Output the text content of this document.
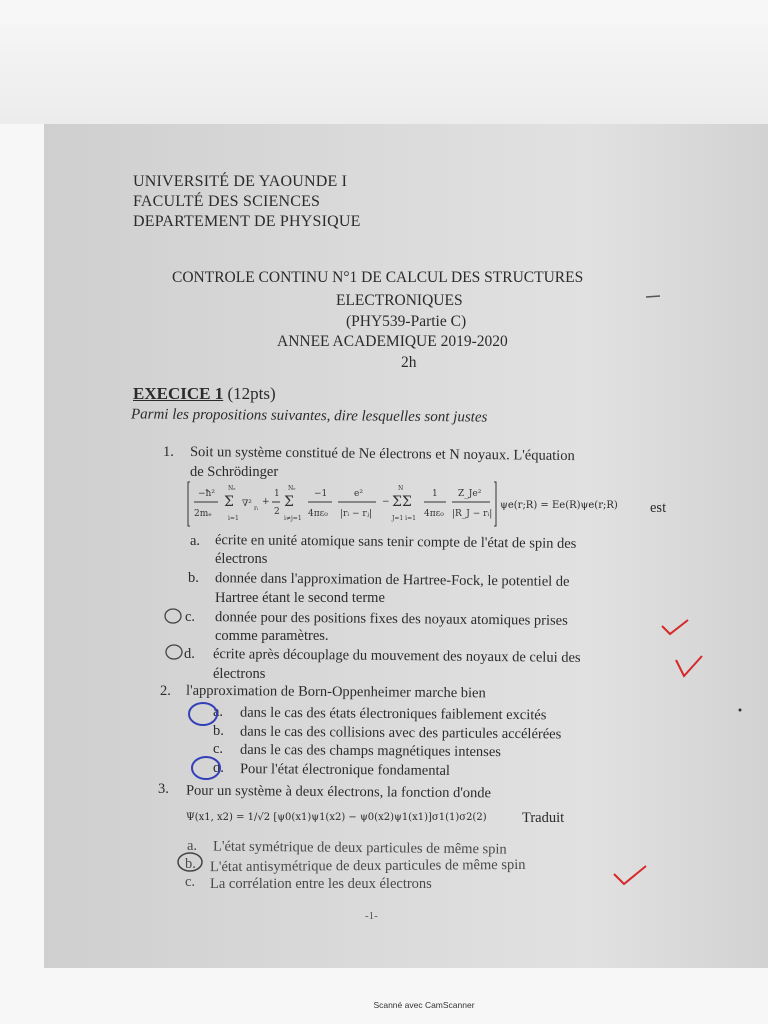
UNIVERSITÉ DE YAOUNDE I
FACULTÉ DES SCIENCES
DEPARTEMENT DE PHYSIQUE
CONTROLE CONTINU N°1 DE CALCUL DES STRUCTURES
ELECTRONIQUES
(PHY539-Partie C)
ANNEE ACADEMIQUE 2019-2020
2h
EXECICE 1 (12pts)
Parmi les propositions suivantes, dire lesquelles sont justes
1. Soit un système constitué de Ne électrons et N noyaux. L'équation
de Schrödinger
−ħ²
2mₑ
Nₑ
Σ
i=1
∇² rᵢ
+
1
2
Nₑ
Σ
i≠j=1
−1
4πε₀
e²
|rᵢ − rⱼ|
−
N
ΣΣ
J=1 i=1
1
4πε₀
Z_Je²
|R_J − rᵢ|
ψe(r;R) = Ee(R)ψe(r;R) est
a. écrite en unité atomique sans tenir compte de l'état de spin des
électrons
b. donnée dans l'approximation de Hartree-Fock, le potentiel de
Hartree étant le second terme
c. donnée pour des positions fixes des noyaux atomiques prises
comme paramètres.
d. écrite après découplage du mouvement des noyaux de celui des
électrons
2. l'approximation de Born-Oppenheimer marche bien
a. dans le cas des états électroniques faiblement excités
b. dans le cas des collisions avec des particules accélérées
c. dans le cas des champs magnétiques intenses
d. Pour l'état électronique fondamental
3. Pour un système à deux électrons, la fonction d'onde
Ψ(x1, x2) = 1/√2 [ψ0(x1)ψ1(x2) − ψ0(x2)ψ1(x1)]σ1(1)σ2(2) Traduit
a. L'état symétrique de deux particules de même spin
b. L'état antisymétrique de deux particules de même spin
c. La corrélation entre les deux électrons
-1-
Scanné avec CamScanner
